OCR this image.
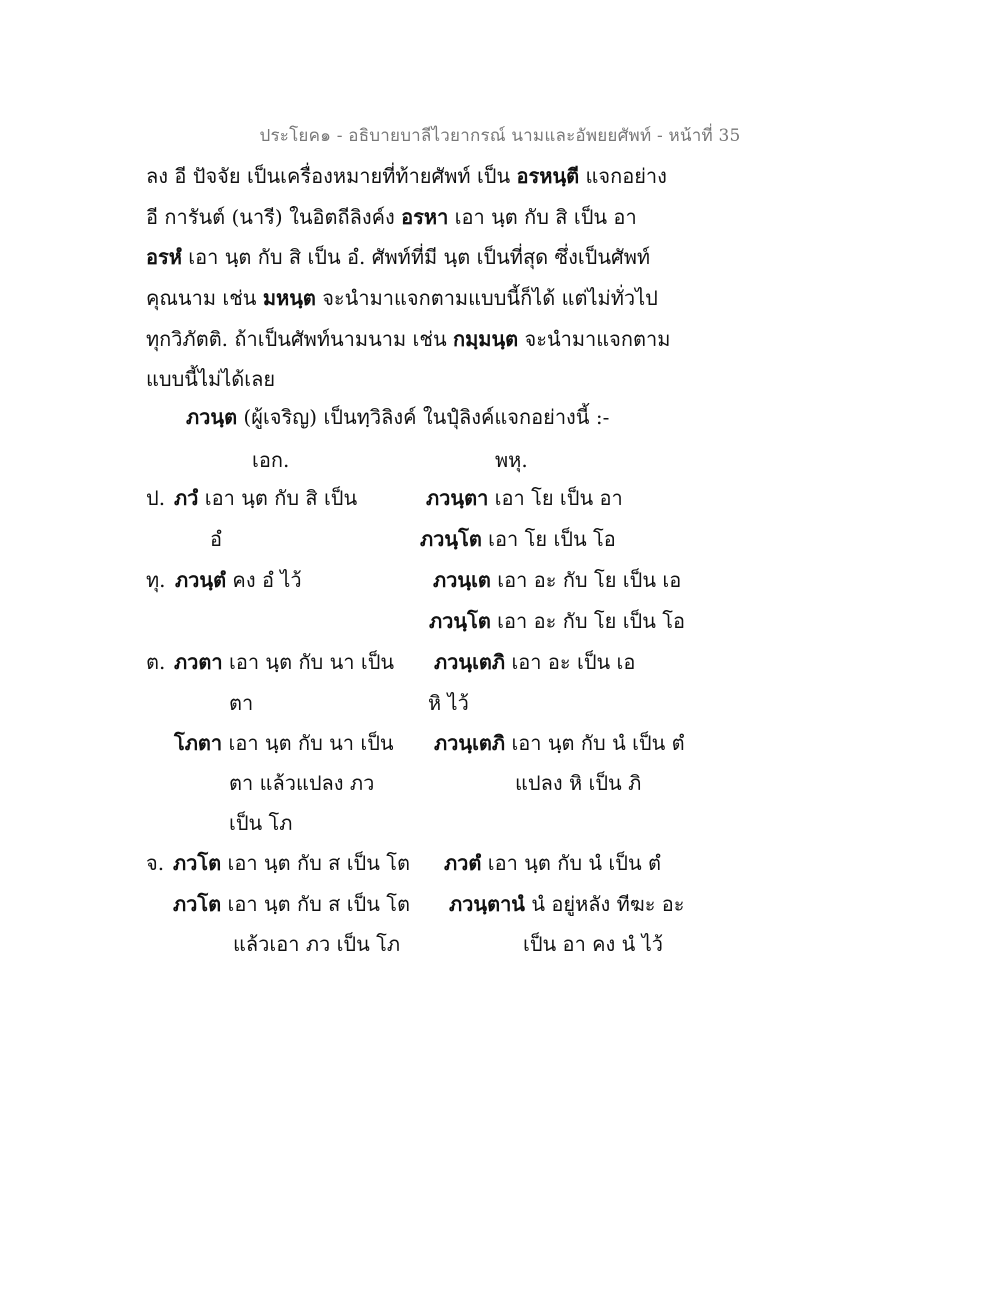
ประโยค๑ - อธิบายบาลีไวยากรณ์ นามและอัพยยศัพท์ - หน้าที่ 35
ลง อี ปัจจัย เป็นเครื่องหมายที่ท้ายศัพท์ เป็น อรหนฺตี แจกอย่าง
อี การันต์ (นารี) ในอิตถีลิงค์ง อรหา เอา นฺต กับ สิ เป็น อา
อรหํ เอา นฺต กับ สิ เป็น อํ. ศัพท์ที่มี นฺต เป็นที่สุด ซึ่งเป็นศัพท์
คุณนาม เช่น มหนฺต จะนำมาแจกตามแบบนี้ก็ได้ แต่ไม่ทั่วไป
ทุกวิภัตติ. ถ้าเป็นศัพท์นามนาม เช่น กมฺมนฺต จะนำมาแจกตาม
แบบนี้ไม่ได้เลย
ภวนฺต (ผู้เจริญ) เป็นทฺวิลิงค์ ในปุํลิงค์แจกอย่างนี้ :-
เอก.	พหุ.
ป. ภวํ เอา นฺต กับ สิ เป็น
อํ
ภวนฺตา เอา โย เป็น อา
ภวนฺโต เอา โย เป็น โอ
ทุ. ภวนฺตํ คง อํ ไว้	ภวนฺเต เอา อะ กับ โย เป็น เอ
ภวนฺโต เอา อะ กับ โย เป็น โอ
ต. ภวตา เอา นฺต กับ นา เป็น
ตา
ภวนฺเตภิ เอา อะ เป็น เอ
หิ ไว้
โภตา เอา นฺต กับ นา เป็น
ตา แล้วแปลง ภว
เป็น โภ
ภวนฺเตภิ เอา นฺต กับ นํ เป็น ตํ
แปลง หิ เป็น ภิ
จ. ภวโต เอา นฺต กับ ส เป็น โต ภวตํ เอา นฺต กับ นํ เป็น ตํ
ภวโต เอา นฺต กับ ส เป็น โต
แล้วเอา ภว เป็น โภ
ภวนฺตานํ นํ อยู่หลัง ทีฆะ อะ
เป็น อา คง นํ ไว้
